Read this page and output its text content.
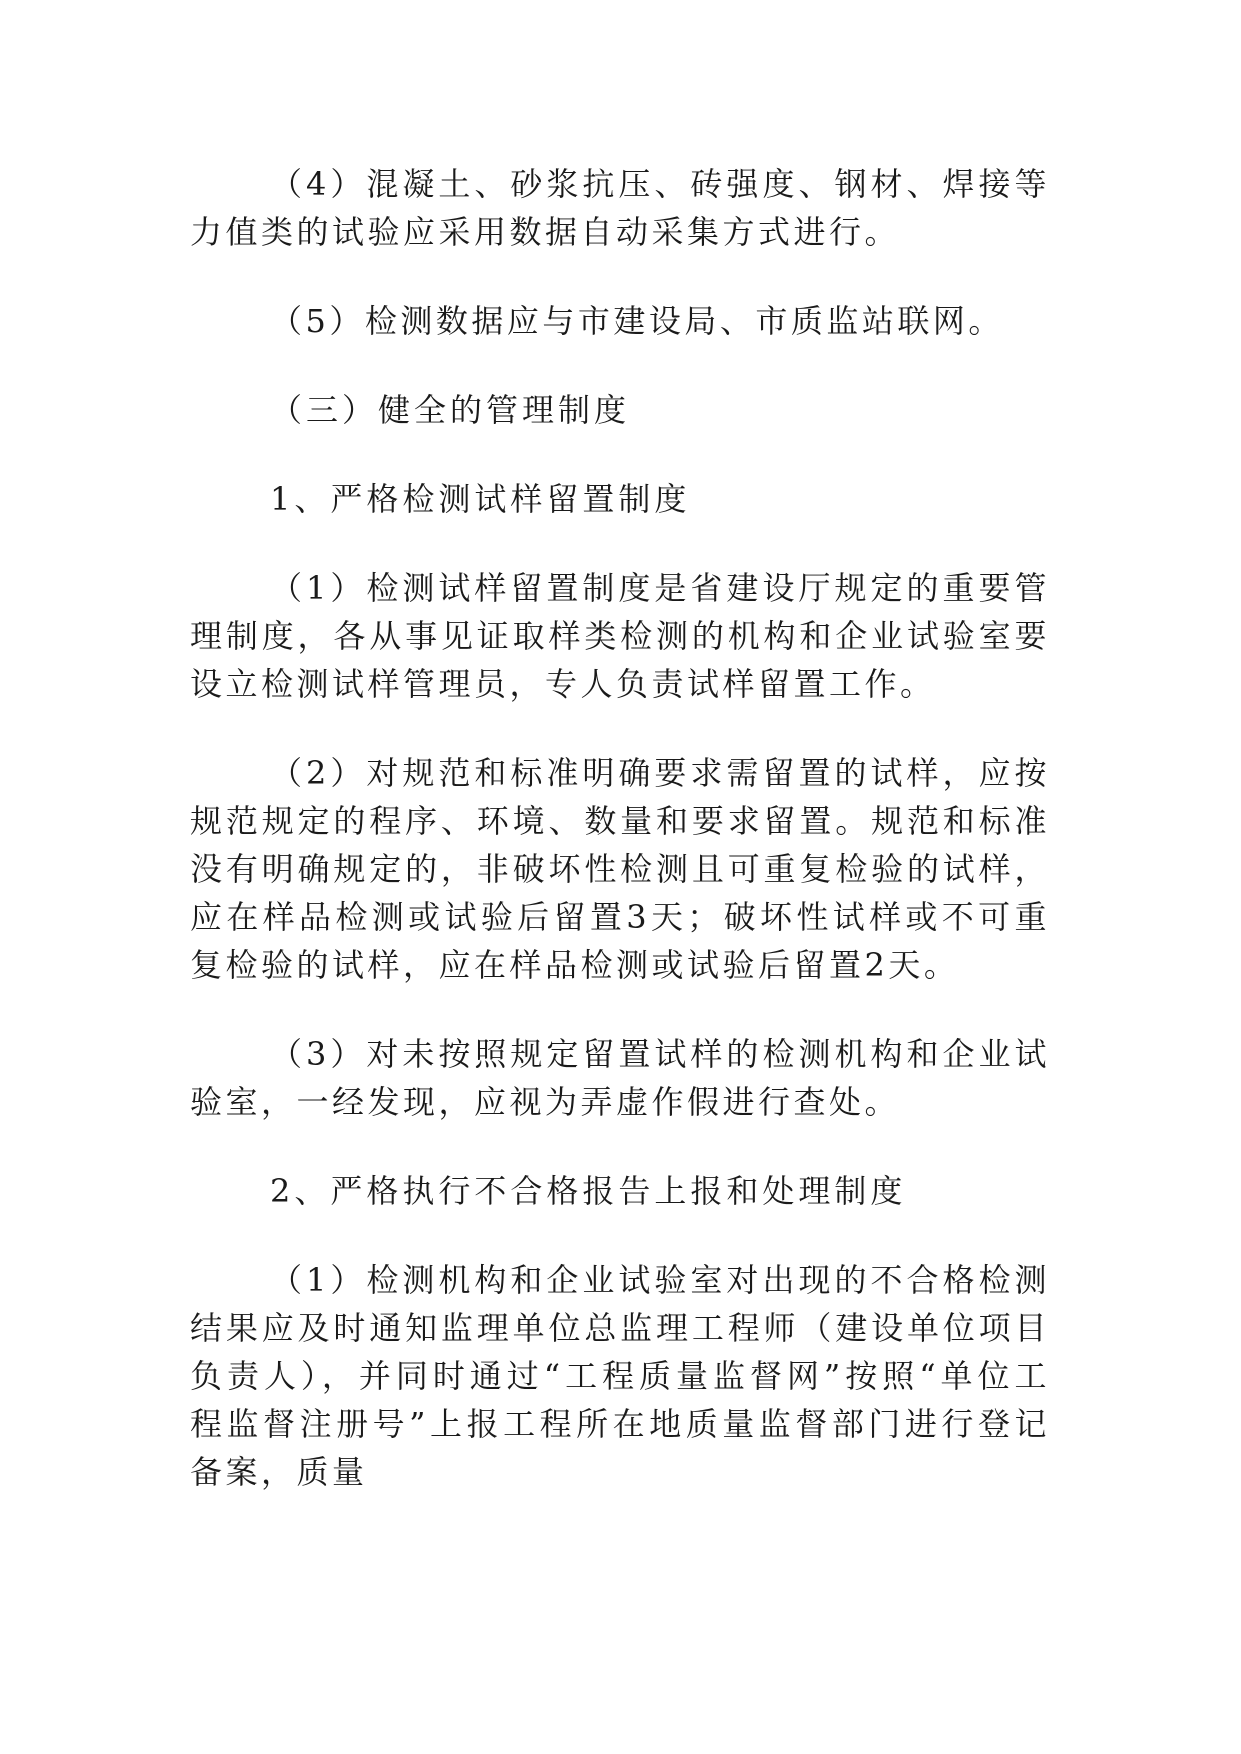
（4）混凝土、砂浆抗压、砖强度、钢材、焊接等力值类的试验应采用数据自动采集方式进行。

（5）检测数据应与市建设局、市质监站联网。

（三）健全的管理制度

1、严格检测试样留置制度

（1）检测试样留置制度是省建设厅规定的重要管理制度，各从事见证取样类检测的机构和企业试验室要设立检测试样管理员，专人负责试样留置工作。

（2）对规范和标准明确要求需留置的试样，应按规范规定的程序、环境、数量和要求留置。规范和标准没有明确规定的，非破坏性检测且可重复检验的试样，应在样品检测或试验后留置3天；破坏性试样或不可重复检验的试样，应在样品检测或试验后留置2天。

（3）对未按照规定留置试样的检测机构和企业试验室，一经发现，应视为弄虚作假进行查处。

2、严格执行不合格报告上报和处理制度

（1）检测机构和企业试验室对出现的不合格检测结果应及时通知监理单位总监理工程师（建设单位项目负责人），并同时通过“工程质量监督网”按照“单位工程监督注册号”上报工程所在地质量监督部门进行登记备案，质量
